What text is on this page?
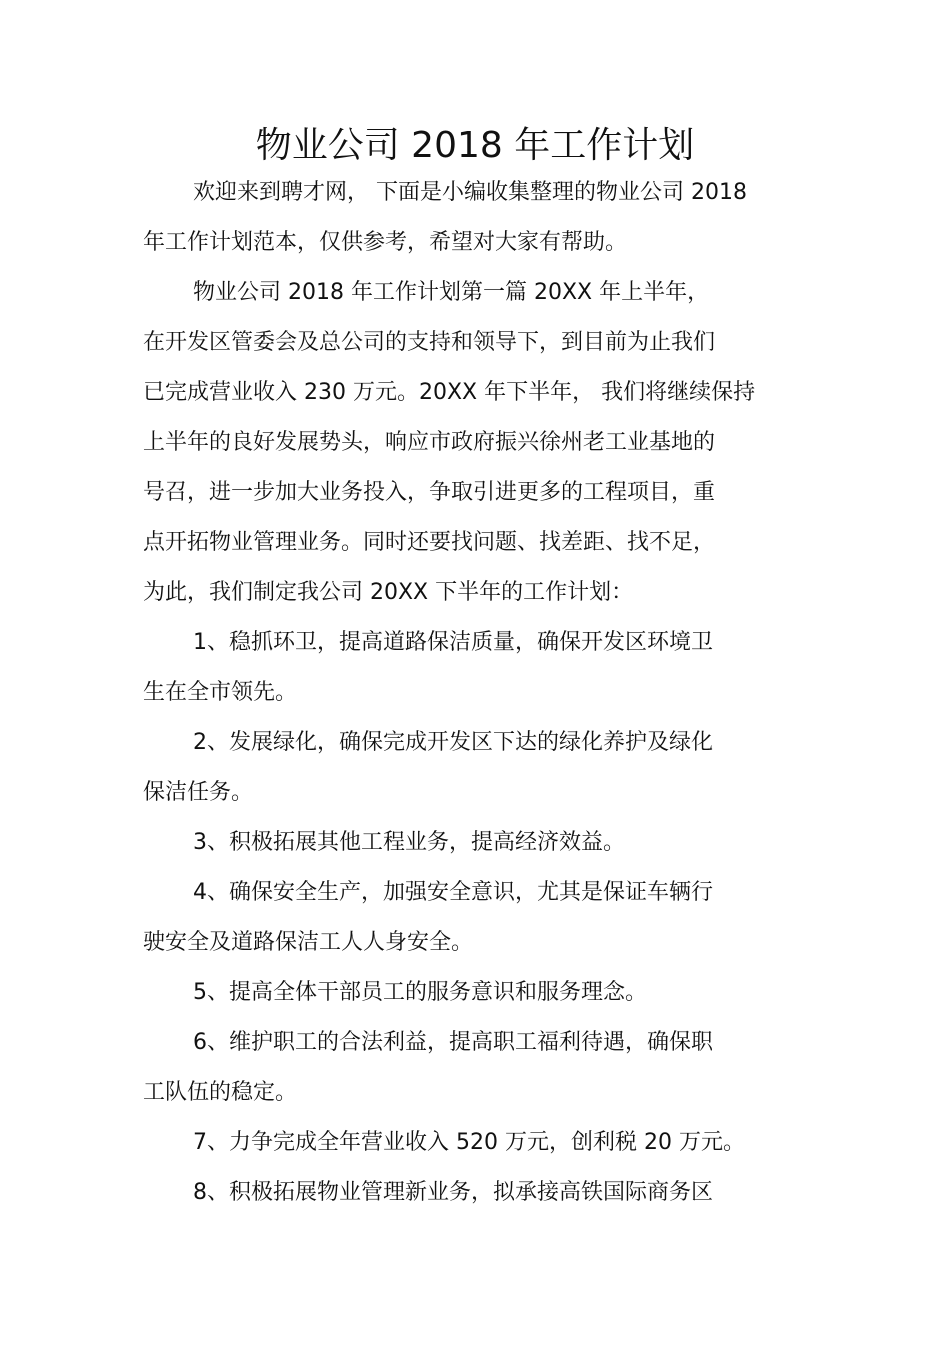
物业公司 2018 年工作计划
欢迎来到聘才网， 下面是小编收集整理的物业公司 2018
年工作计划范本，仅供参考，希望对大家有帮助。
物业公司 2018 年工作计划第一篇 20XX 年上半年，
在开发区管委会及总公司的支持和领导下，到目前为止我们
已完成营业收入 230 万元。20XX 年下半年， 我们将继续保持
上半年的良好发展势头，响应市政府振兴徐州老工业基地的
号召，进一步加大业务投入，争取引进更多的工程项目，重
点开拓物业管理业务。同时还要找问题、找差距、找不足，
为此，我们制定我公司 20XX 下半年的工作计划：
1、稳抓环卫，提高道路保洁质量，确保开发区环境卫
生在全市领先。
2、发展绿化，确保完成开发区下达的绿化养护及绿化
保洁任务。
3、积极拓展其他工程业务，提高经济效益。
4、确保安全生产，加强安全意识，尤其是保证车辆行
驶安全及道路保洁工人人身安全。
5、提高全体干部员工的服务意识和服务理念。
6、维护职工的合法利益，提高职工福利待遇，确保职
工队伍的稳定。
7、力争完成全年营业收入 520 万元，创利税 20 万元。
8、积极拓展物业管理新业务，拟承接高铁国际商务区
